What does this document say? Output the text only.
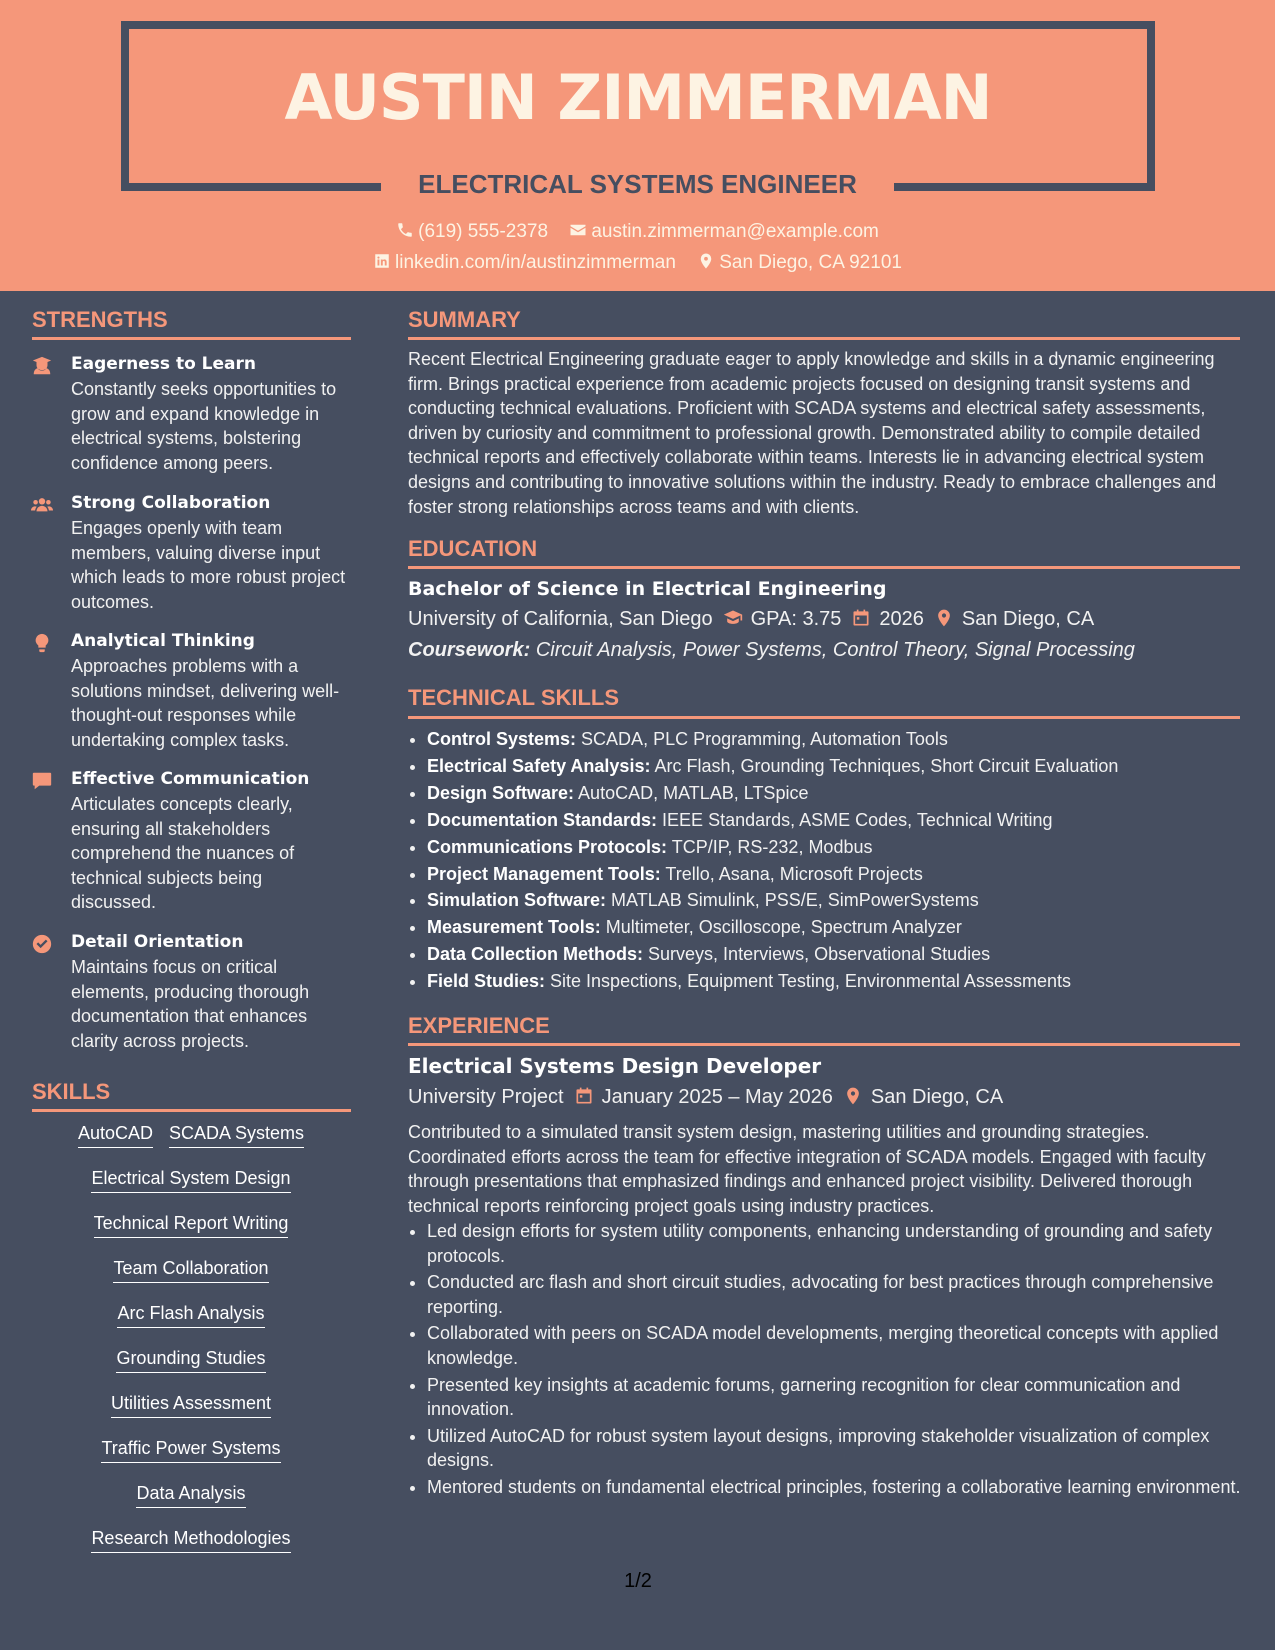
AUSTIN ZIMMERMAN
ELECTRICAL SYSTEMS ENGINEER
(619) 555-2378 austin.zimmerman@example.com
linkedin.com/in/austinzimmerman San Diego, CA 92101
STRENGTHS
Eagerness to Learn
Constantly seeks opportunities to grow and expand knowledge in electrical systems, bolstering confidence among peers.
Strong Collaboration
Engages openly with team members, valuing diverse input which leads to more robust project outcomes.
Analytical Thinking
Approaches problems with a solutions mindset, delivering well-thought-out responses while undertaking complex tasks.
Effective Communication
Articulates concepts clearly, ensuring all stakeholders comprehend the nuances of technical subjects being discussed.
Detail Orientation
Maintains focus on critical elements, producing thorough documentation that enhances clarity across projects.
SKILLS
AutoCAD SCADA Systems
Electrical System Design
Technical Report Writing
Team Collaboration
Arc Flash Analysis
Grounding Studies
Utilities Assessment
Traffic Power Systems
Data Analysis
Research Methodologies
SUMMARY
Recent Electrical Engineering graduate eager to apply knowledge and skills in a dynamic engineering firm. Brings practical experience from academic projects focused on designing transit systems and conducting technical evaluations. Proficient with SCADA systems and electrical safety assessments, driven by curiosity and commitment to professional growth. Demonstrated ability to compile detailed technical reports and effectively collaborate within teams. Interests lie in advancing electrical system designs and contributing to innovative solutions within the industry. Ready to embrace challenges and foster strong relationships across teams and with clients.
EDUCATION
Bachelor of Science in Electrical Engineering
University of California, San Diego GPA: 3.75 2026 San Diego, CA
Coursework: Circuit Analysis, Power Systems, Control Theory, Signal Processing
TECHNICAL SKILLS
• Control Systems: SCADA, PLC Programming, Automation Tools
• Electrical Safety Analysis: Arc Flash, Grounding Techniques, Short Circuit Evaluation
• Design Software: AutoCAD, MATLAB, LTSpice
• Documentation Standards: IEEE Standards, ASME Codes, Technical Writing
• Communications Protocols: TCP/IP, RS-232, Modbus
• Project Management Tools: Trello, Asana, Microsoft Projects
• Simulation Software: MATLAB Simulink, PSS/E, SimPowerSystems
• Measurement Tools: Multimeter, Oscilloscope, Spectrum Analyzer
• Data Collection Methods: Surveys, Interviews, Observational Studies
• Field Studies: Site Inspections, Equipment Testing, Environmental Assessments
EXPERIENCE
Electrical Systems Design Developer
University Project January 2025 – May 2026 San Diego, CA
Contributed to a simulated transit system design, mastering utilities and grounding strategies. Coordinated efforts across the team for effective integration of SCADA models. Engaged with faculty through presentations that emphasized findings and enhanced project visibility. Delivered thorough technical reports reinforcing project goals using industry practices.
• Led design efforts for system utility components, enhancing understanding of grounding and safety protocols.
• Conducted arc flash and short circuit studies, advocating for best practices through comprehensive reporting.
• Collaborated with peers on SCADA model developments, merging theoretical concepts with applied knowledge.
• Presented key insights at academic forums, garnering recognition for clear communication and innovation.
• Utilized AutoCAD for robust system layout designs, improving stakeholder visualization of complex designs.
• Mentored students on fundamental electrical principles, fostering a collaborative learning environment.
1/2
